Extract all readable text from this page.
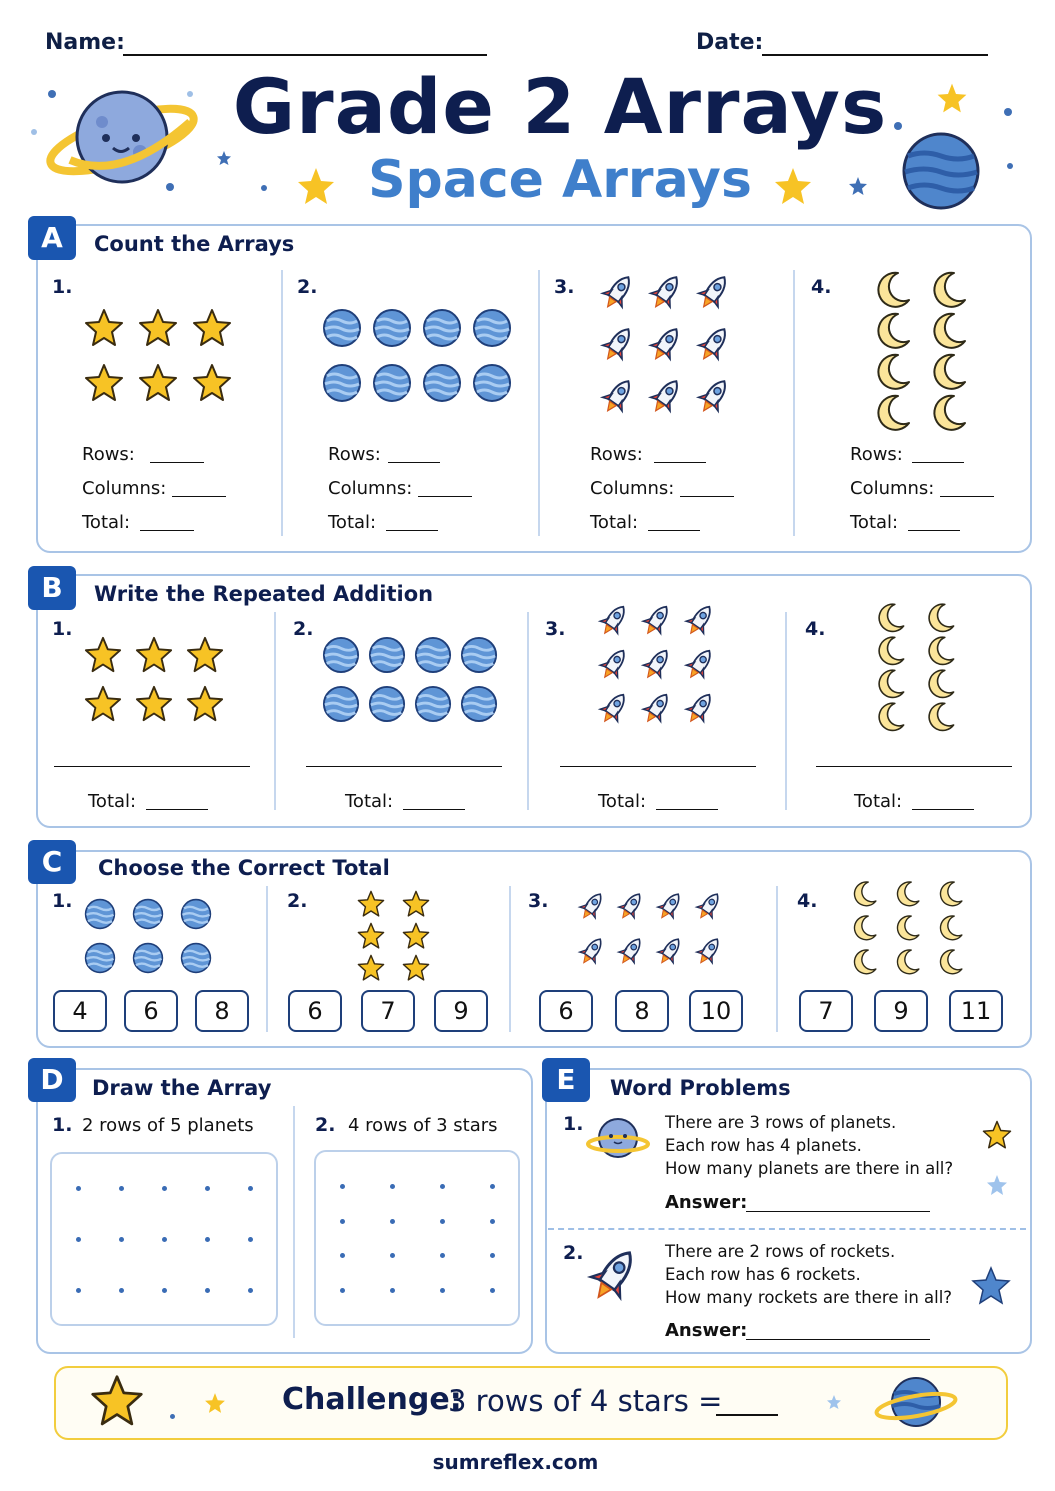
Name:	Date:
Grade 2 Arrays
Space Arrays
A	Count the Arrays
1.	2.	3.	4.
Rows:
Columns:
Total:
Rows:
Columns:
Total:
Rows:
Columns:
Total:
Rows:
Columns:
Total:
B	Write the Repeated Addition
1.	2.	3.	4.
Total:	Total:	Total:	Total:
C	Choose the Correct Total
1.	2.	3.	4.
4	6	8	6	7	9	6	8	10	7	9	11
D	Draw the Array
1. 2 rows of 5 planets	2. 4 rows of 3 stars
E	Word Problems
1.	There are 3 rows of planets.
Each row has 4 planets.
How many planets are there in all?
Answer:
2.	There are 2 rows of rockets.
Each row has 6 rockets.
How many rockets are there in all?
Answer:
Challenge:
3 rows of 4 stars =
sumreflex.com
